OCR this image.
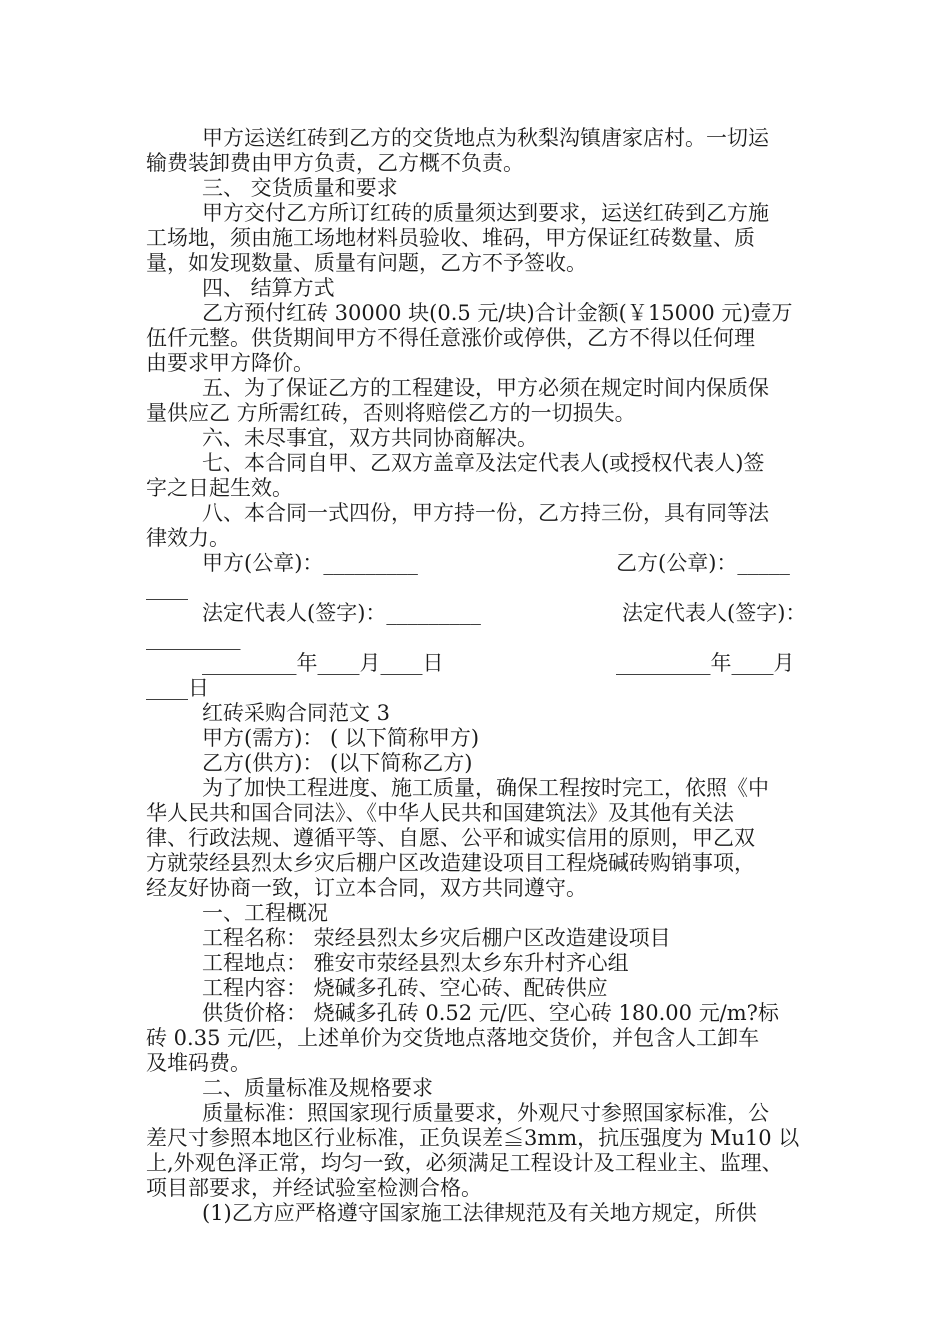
甲方运送红砖到乙方的交货地点为秋梨沟镇唐家店村。一切运
输费装卸费由甲方负责，乙方概不负责。
三、 交货质量和要求
甲方交付乙方所订红砖的质量须达到要求，运送红砖到乙方施
工场地，须由施工场地材料员验收、堆码，甲方保证红砖数量、质
量，如发现数量、质量有问题，乙方不予签收。
四、 结算方式
乙方预付红砖 30000 块(0.5 元/块)合计金额(￥15000 元)壹万
伍仟元整。供货期间甲方不得任意涨价或停供，乙方不得以任何理
由要求甲方降价。
五、为了保证乙方的工程建设，甲方必须在规定时间内保质保
量供应乙 方所需红砖，否则将赔偿乙方的一切损失。
六、未尽事宜，双方共同协商解决。
七、本合同自甲、乙双方盖章及法定代表人(或授权代表人)签
字之日起生效。
八、本合同一式四份，甲方持一份，乙方持三份，具有同等法
律效力。
甲方(公章)：_________	乙方(公章)：_____
____
法定代表人(签字)：_________	法定代表人(签字)：
_________
_________年____月____日	_________年____月
____日
红砖采购合同范文 3
甲方(需方)： ( 以下简称甲方)
乙方(供方)： (以下简称乙方)
为了加快工程进度、施工质量，确保工程按时完工，依照《中
华人民共和国合同法》、《中华人民共和国建筑法》及其他有关法
律、行政法规、遵循平等、自愿、公平和诚实信用的原则，甲乙双
方就荥经县烈太乡灾后棚户区改造建设项目工程烧碱砖购销事项，
经友好协商一致，订立本合同，双方共同遵守。
一、工程概况
工程名称： 荥经县烈太乡灾后棚户区改造建设项目
工程地点： 雅安市荥经县烈太乡东升村齐心组
工程内容： 烧碱多孔砖、空心砖、配砖供应
供货价格： 烧碱多孔砖 0.52 元/匹、空心砖 180.00 元/m?标
砖 0.35 元/匹，上述单价为交货地点落地交货价，并包含人工卸车
及堆码费。
二、质量标准及规格要求
质量标准：照国家现行质量要求，外观尺寸参照国家标准，公
差尺寸参照本地区行业标准，正负误差≦3mm，抗压强度为 Mu10 以
上,外观色泽正常，均匀一致，必须满足工程设计及工程业主、监理、
项目部要求，并经试验室检测合格。
(1)乙方应严格遵守国家施工法律规范及有关地方规定，所供
